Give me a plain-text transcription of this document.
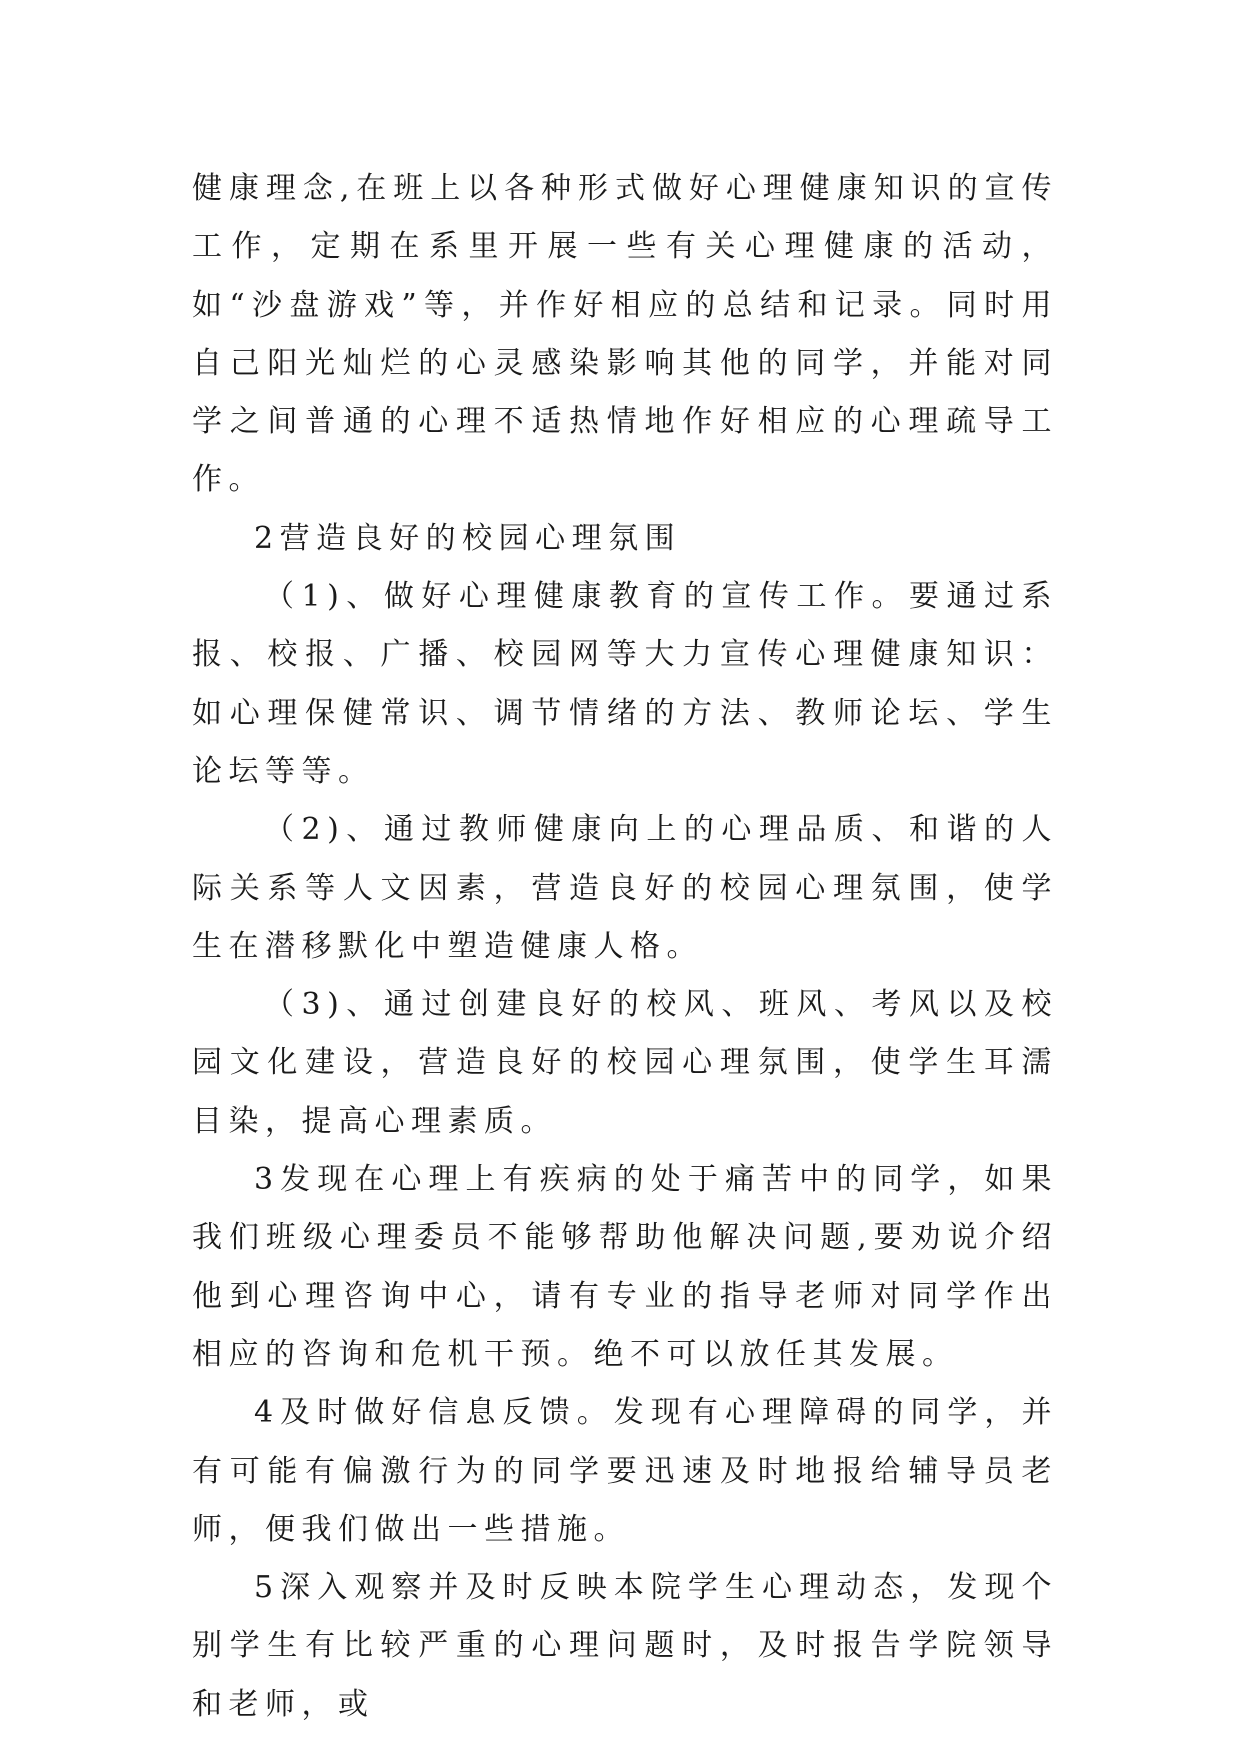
健康理念,在班上以各种形式做好心理健康知识的宣传工作，定期在系里开展一些有关心理健康的活动，如“沙盘游戏”等，并作好相应的总结和记录。同时用自己阳光灿烂的心灵感染影响其他的同学，并能对同学之间普通的心理不适热情地作好相应的心理疏导工作。

2营造良好的校园心理氛围

（1)、做好心理健康教育的宣传工作。要通过系报、校报、广播、校园网等大力宣传心理健康知识：如心理保健常识、调节情绪的方法、教师论坛、学生论坛等等。

（2)、通过教师健康向上的心理品质、和谐的人际关系等人文因素，营造良好的校园心理氛围，使学生在潜移默化中塑造健康人格。

（3)、通过创建良好的校风、班风、考风以及校园文化建设，营造良好的校园心理氛围，使学生耳濡目染，提高心理素质。

3发现在心理上有疾病的处于痛苦中的同学，如果我们班级心理委员不能够帮助他解决问题,要劝说介绍他到心理咨询中心，请有专业的指导老师对同学作出相应的咨询和危机干预。绝不可以放任其发展。

4及时做好信息反馈。发现有心理障碍的同学，并有可能有偏激行为的同学要迅速及时地报给辅导员老师，便我们做出一些措施。

5深入观察并及时反映本院学生心理动态，发现个别学生有比较严重的心理问题时，及时报告学院领导和老师，或
